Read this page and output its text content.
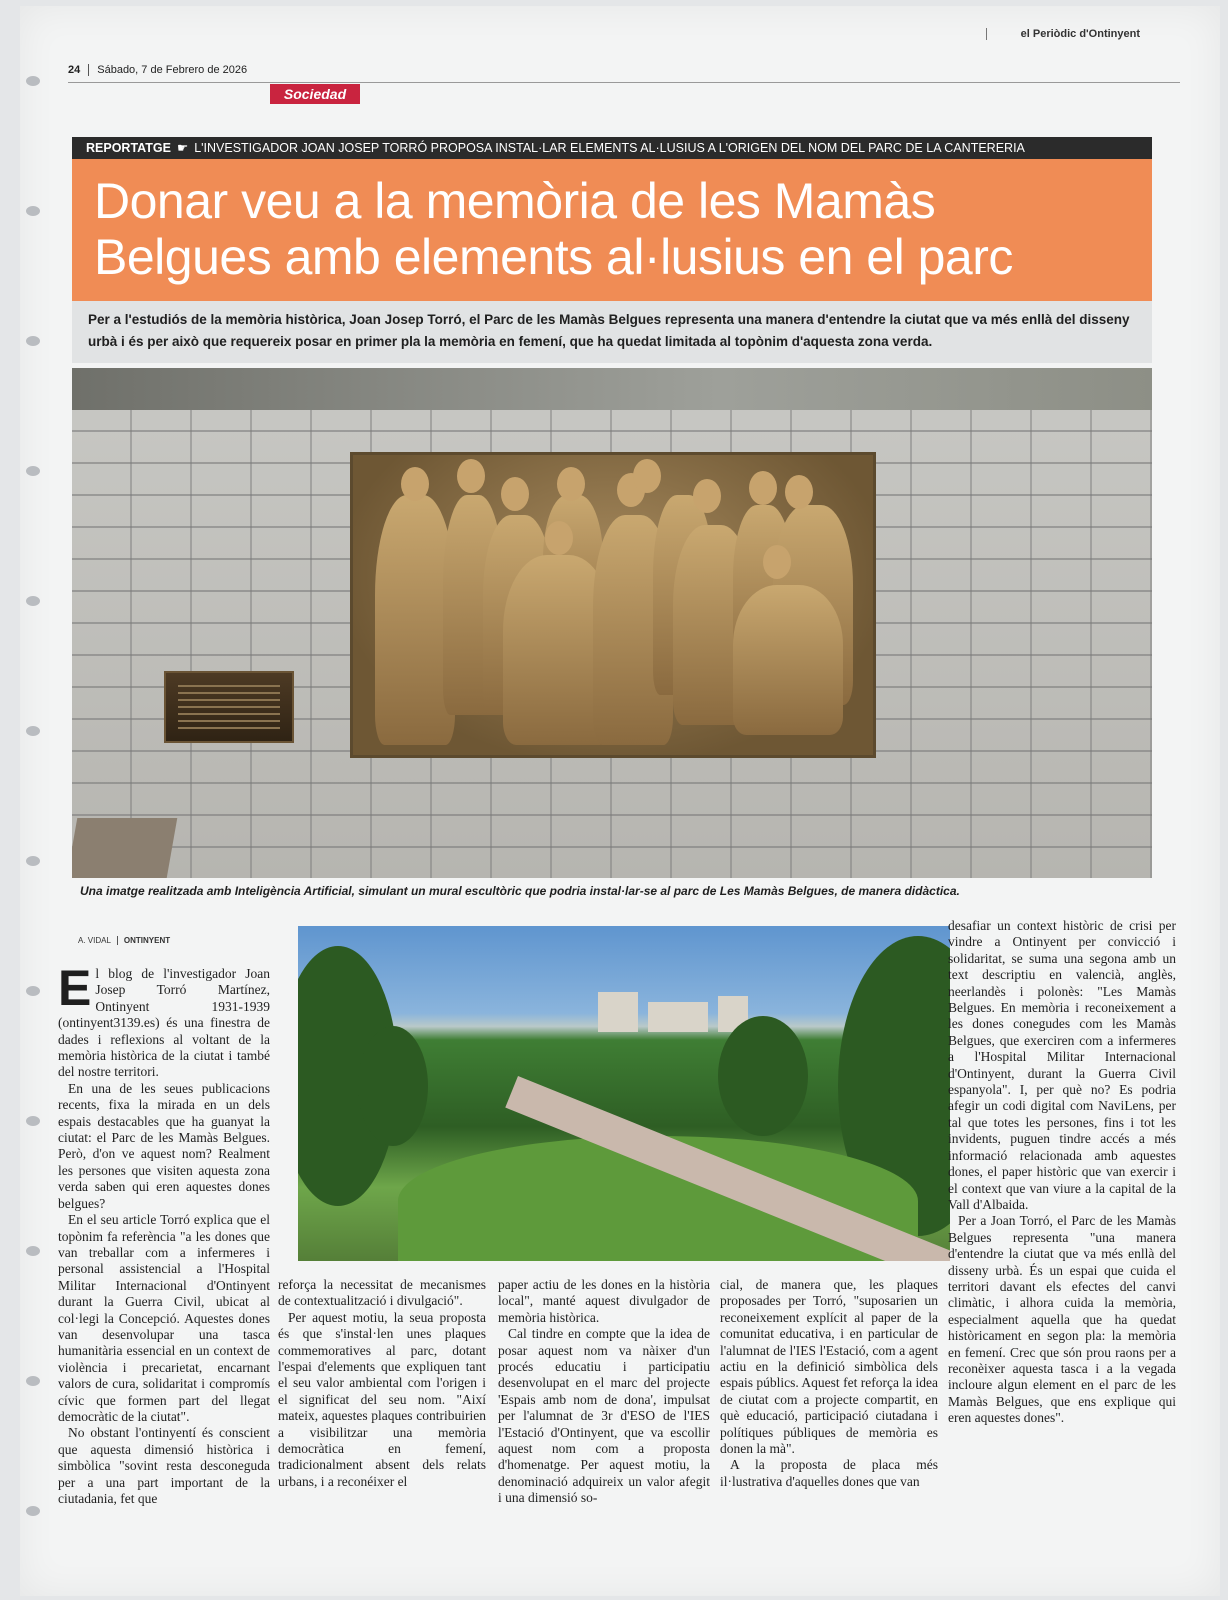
el Periòdic d'Ontinyent
24 Sábado, 7 de Febrero de 2026
Sociedad
REPORTATGE ☛ L'INVESTIGADOR JOAN JOSEP TORRÓ PROPOSA INSTAL·LAR ELEMENTS AL·LUSIUS A L'ORIGEN DEL NOM DEL PARC DE LA CANTERERIA
Donar veu a la memòria de les Mamàs
Belgues amb elements al·lusius en el parc
Per a l'estudiós de la memòria històrica, Joan Josep Torró, el Parc de les Mamàs Belgues representa una manera d'entendre la ciutat que va més enllà del disseny urbà i és per això que requereix posar en primer pla la memòria en femení, que ha quedat limitada al topònim d'aquesta zona verda.
Una imatge realitzada amb Inteligència Artificial, simulant un mural escultòric que podria instal·lar-se al parc de Les Mamàs Belgues, de manera didàctica.
A. VIDAL ONTINYENT

El blog de l'investigador Joan Josep Torró Martínez, Ontinyent 1931-1939 (ontinyent3139.es) és una finestra de dades i reflexions al voltant de la memòria històrica de la ciutat i també del nostre territori.

En una de les seues publicacions recents, fixa la mirada en un dels espais destacables que ha guanyat la ciutat: el Parc de les Mamàs Belgues. Però, d'on ve aquest nom? Realment les persones que visiten aquesta zona verda saben qui eren aquestes dones belgues?

En el seu article Torró explica que el topònim fa referència "a les dones que van treballar com a infermeres i personal assistencial a l'Hospital Militar Internacional d'Ontinyent durant la Guerra Civil, ubicat al col·legi la Concepció. Aquestes dones van desenvolupar una tasca humanitària essencial en un context de violència i precarietat, encarnant valors de cura, solidaritat i compromís cívic que formen part del llegat democràtic de la ciutat".

No obstant l'ontinyentí és conscient que aquesta dimensió històrica i simbòlica "sovint resta desconeguda per a una part important de la ciutadania, fet que

reforça la necessitat de mecanismes de contextualització i divulgació".

Per aquest motiu, la seua proposta és que s'instal·len unes plaques commemoratives al parc, dotant l'espai d'elements que expliquen tant el seu valor ambiental com l'origen i el significat del seu nom. "Així mateix, aquestes plaques contribuirien a visibilitzar una memòria democràtica en femení, tradicionalment absent dels relats urbans, i a reconéixer el

paper actiu de les dones en la història local", manté aquest divulgador de memòria històrica.

Cal tindre en compte que la idea de posar aquest nom va nàixer d'un procés educatiu i participatiu desenvolupat en el marc del projecte 'Espais amb nom de dona', impulsat per l'alumnat de 3r d'ESO de l'IES l'Estació d'Ontinyent, que va escollir aquest nom com a proposta d'homenatge. Per aquest motiu, la denominació adquireix un valor afegit i una dimensió so-

cial, de manera que, les plaques proposades per Torró, "suposarien un reconeixement explícit al paper de la comunitat educativa, i en particular de l'alumnat de l'IES l'Estació, com a agent actiu en la definició simbòlica dels espais públics. Aquest fet reforça la idea de ciutat com a projecte compartit, en què educació, participació ciutadana i polítiques públiques de memòria es donen la mà".

A la proposta de placa més il·lustrativa d'aquelles dones que van

desafiar un context històric de crisi per vindre a Ontinyent per convicció i solidaritat, se suma una segona amb un text descriptiu en valencià, anglès, neerlandès i polonès: "Les Mamàs Belgues. En memòria i reconeixement a les dones conegudes com les Mamàs Belgues, que exerciren com a infermeres a l'Hospital Militar Internacional d'Ontinyent, durant la Guerra Civil espanyola". I, per què no? Es podria afegir un codi digital com NaviLens, per tal que totes les persones, fins i tot les invidents, puguen tindre accés a més informació relacionada amb aquestes dones, el paper històric que van exercir i el context que van viure a la capital de la Vall d'Albaida.

Per a Joan Torró, el Parc de les Mamàs Belgues representa "una manera d'entendre la ciutat que va més enllà del disseny urbà. És un espai que cuida el territori davant els efectes del canvi climàtic, i alhora cuida la memòria, especialment aquella que ha quedat històricament en segon pla: la memòria en femení. Crec que són prou raons per a reconèixer aquesta tasca i a la vegada incloure algun element en el parc de les Mamàs Belgues, que ens explique qui eren aquestes dones".
